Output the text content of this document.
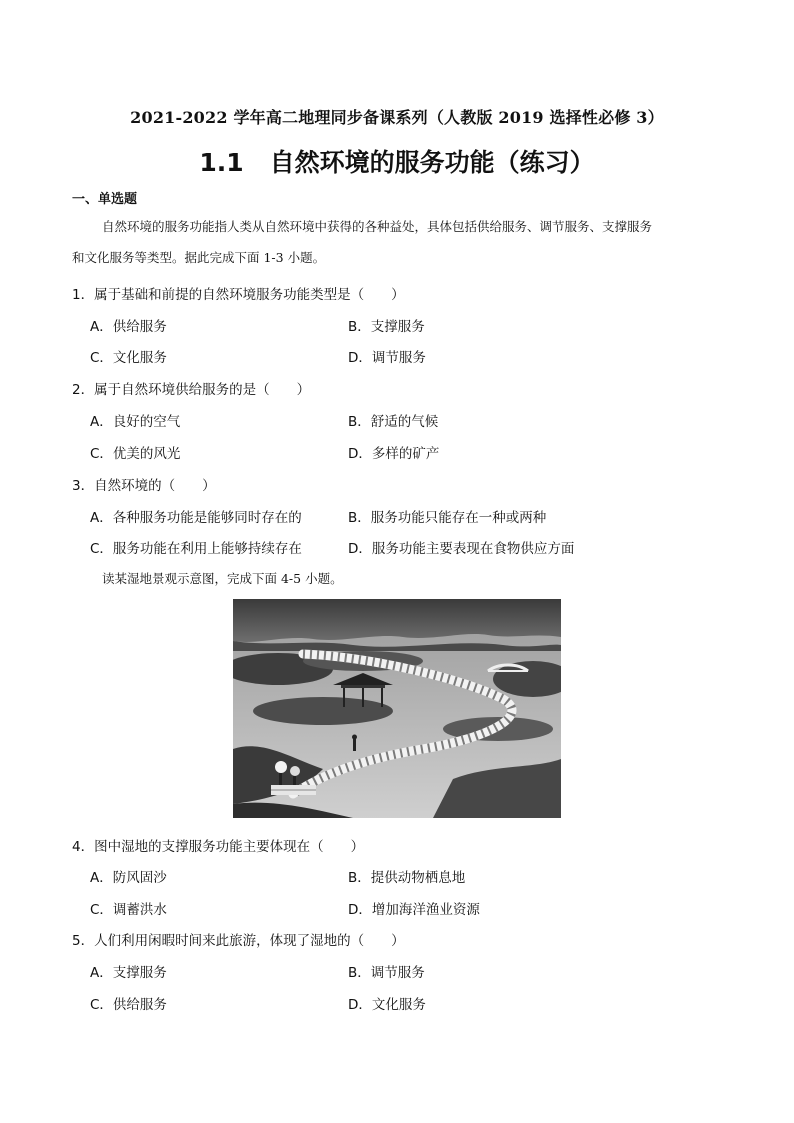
2021-2022 学年高二地理同步备课系列（人教版 2019 选择性必修 3）
1.1 自然环境的服务功能（练习）
一、单选题
自然环境的服务功能指人类从自然环境中获得的各种益处，具体包括供给服务、调节服务、支撑服务
和文化服务等类型。据此完成下面 1-3 小题。
1．属于基础和前提的自然环境服务功能类型是（　　）
A．供给服务	B．支撑服务
C．文化服务	D．调节服务
2．属于自然环境供给服务的是（　　）
A．良好的空气	B．舒适的气候
C．优美的风光	D．多样的矿产
3．自然环境的（　　）
A．各种服务功能是能够同时存在的	B．服务功能只能存在一种或两种
C．服务功能在利用上能够持续存在	D．服务功能主要表现在食物供应方面
读某湿地景观示意图，完成下面 4-5 小题。
4．图中湿地的支撑服务功能主要体现在（　　）
A．防风固沙	B．提供动物栖息地
C．调蓄洪水	D．增加海洋渔业资源
5．人们利用闲暇时间来此旅游，体现了湿地的（　　）
A．支撑服务	B．调节服务
C．供给服务	D．文化服务
